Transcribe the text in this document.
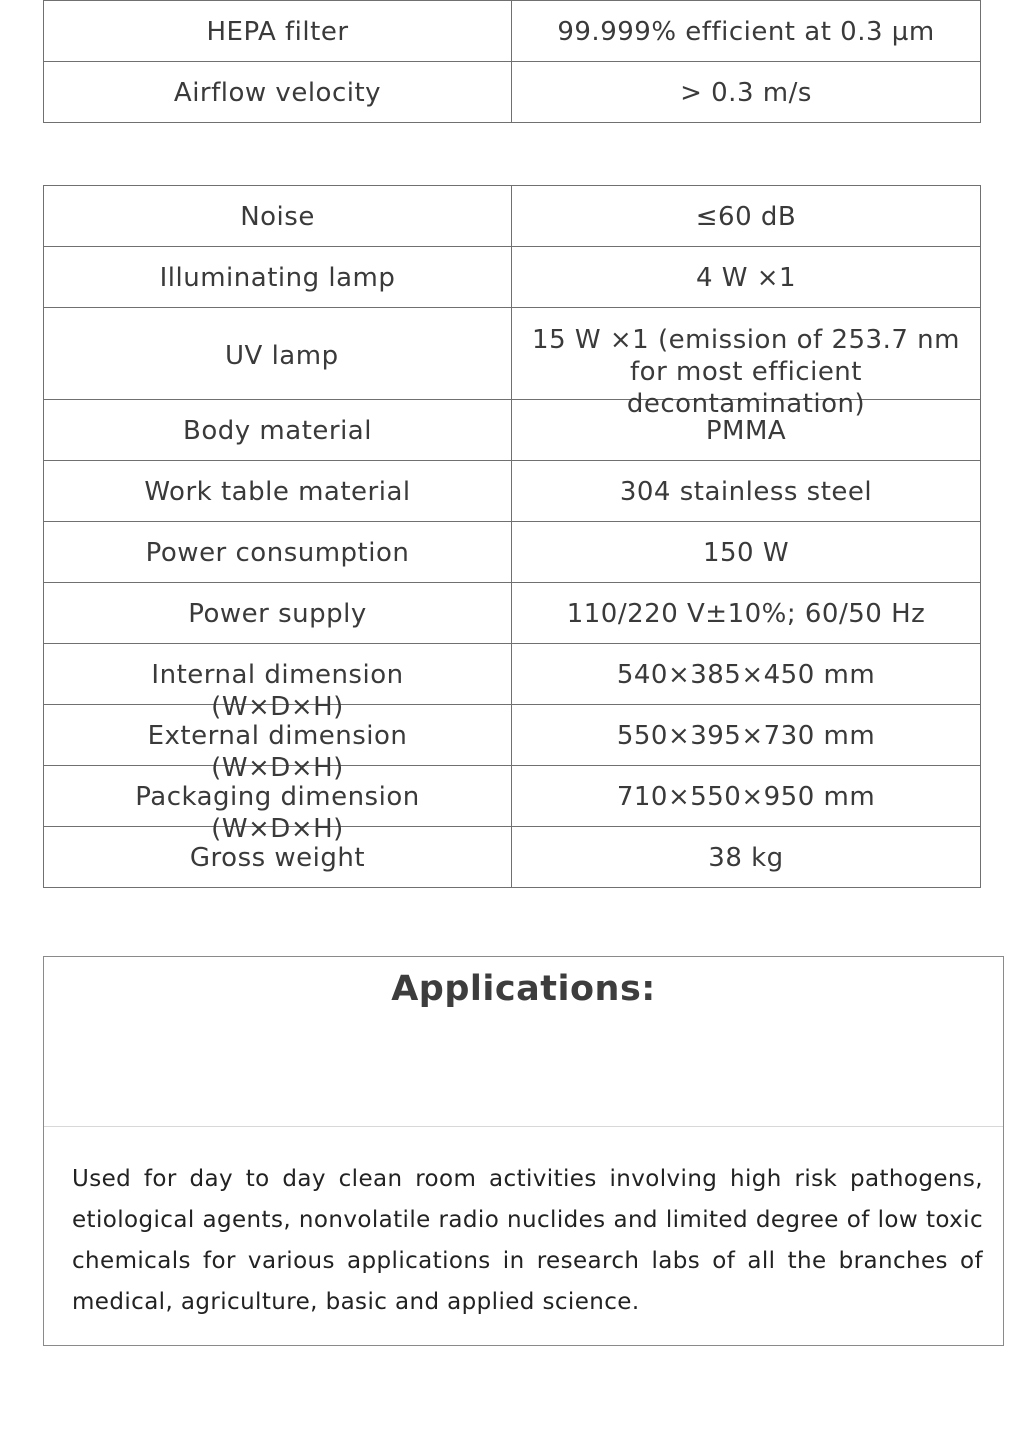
HEPA filter	99.999% efficient at 0.3 µm

Airflow velocity	> 0.3 m/s
Noise	≤60 dB

Illuminating lamp	4 W ×1

UV lamp	15 W ×1 (emission of 253.7 nm for most efficient decontamination)

Body material	PMMA

Work table material	304 stainless steel

Power consumption	150 W

Power supply	110/220 V±10%; 60/50 Hz

Internal dimension (W×D×H)	540×385×450 mm

External dimension (W×D×H)	550×395×730 mm

Packaging dimension (W×D×H)	710×550×950 mm

Gross weight	38 kg
Applications:
Used for day to day clean room activities involving high risk pathogens, etiological agents, nonvolatile radio nuclides and limited degree of low toxic chemicals for various applications in research labs of all the branches of medical, agriculture, basic and applied science.
